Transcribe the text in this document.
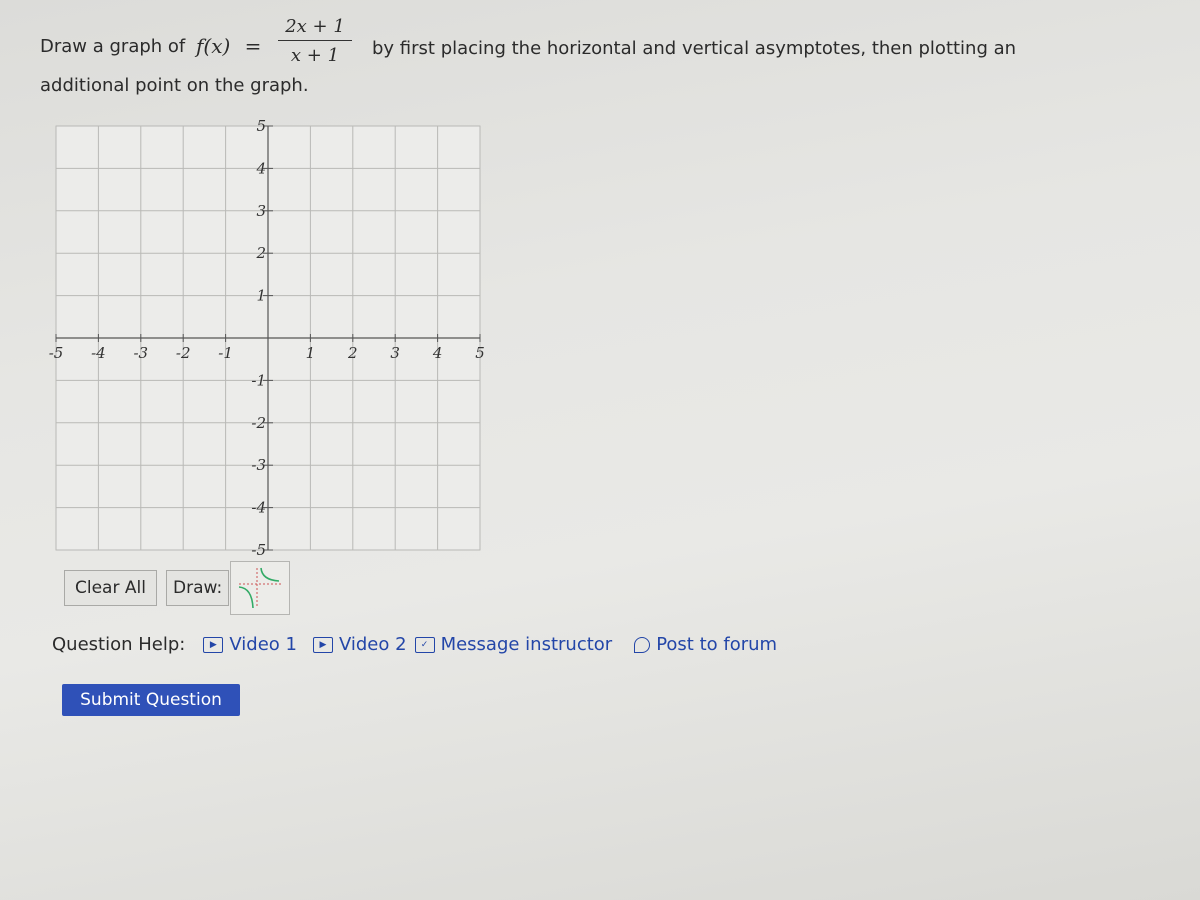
Draw a graph of f(x) =
2x + 1
x + 1	by first placing the horizontal and vertical asymptotes, then plotting an
additional point on the graph.
-5 -4 -3 -2 -1	1 2 3 4 5
5
4
3
2
1
-1
-2
-3
-4
-5
Clear All	Draw:
Question Help:	▶ Video 1	▶ Video 2	✓ Message instructor Post to forum
Submit Question
